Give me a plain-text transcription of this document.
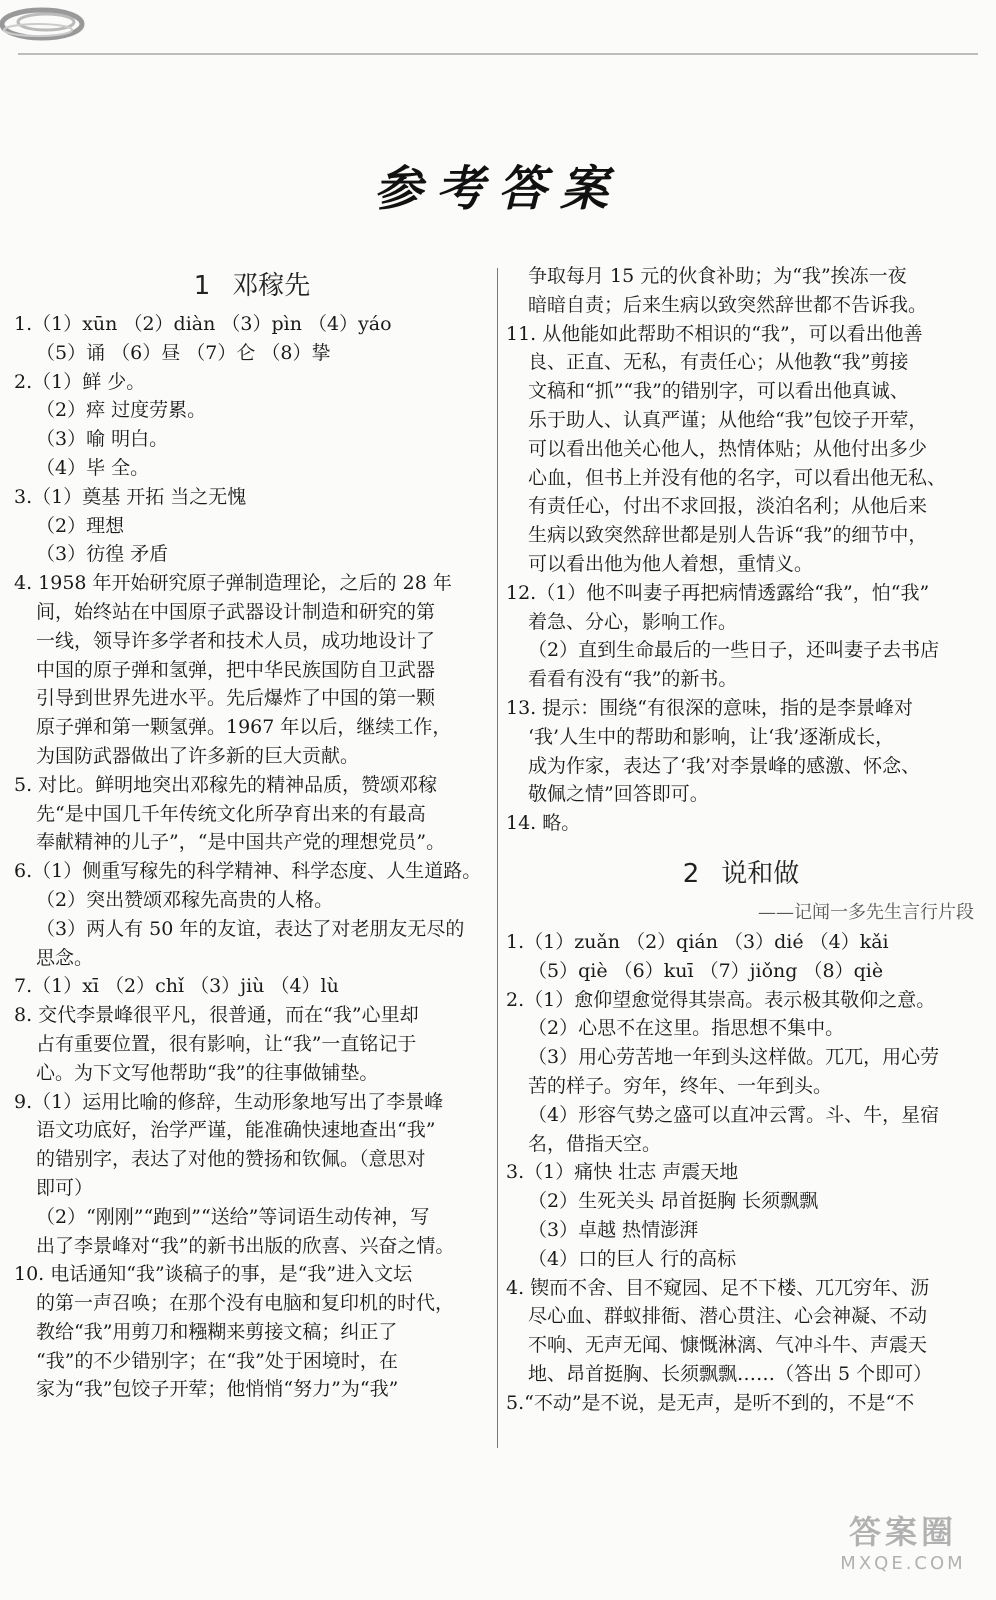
参考答案
1 邓稼先
1.（1）xūn （2）diàn （3）pìn （4）yáo
（5）诵 （6）昼 （7）仑 （8）挚
2.（1）鲜 少。
（2）瘁 过度劳累。
（3）喻 明白。
（4）毕 全。
3.（1）奠基 开拓 当之无愧
（2）理想
（3）彷徨 矛盾
4. 1958 年开始研究原子弹制造理论，之后的 28 年
间，始终站在中国原子武器设计制造和研究的第
一线，领导许多学者和技术人员，成功地设计了
中国的原子弹和氢弹，把中华民族国防自卫武器
引导到世界先进水平。先后爆炸了中国的第一颗
原子弹和第一颗氢弹。1967 年以后，继续工作，
为国防武器做出了许多新的巨大贡献。
5. 对比。鲜明地突出邓稼先的精神品质，赞颂邓稼
先“是中国几千年传统文化所孕育出来的有最高
奉献精神的儿子”，“是中国共产党的理想党员”。
6.（1）侧重写稼先的科学精神、科学态度、人生道路。
（2）突出赞颂邓稼先高贵的人格。
（3）两人有 50 年的友谊，表达了对老朋友无尽的
思念。
7.（1）xī （2）chǐ （3）jiù （4）lù
8. 交代李景峰很平凡，很普通，而在“我”心里却
占有重要位置，很有影响，让“我”一直铭记于
心。为下文写他帮助“我”的往事做铺垫。
9.（1）运用比喻的修辞，生动形象地写出了李景峰
语文功底好，治学严谨，能准确快速地查出“我”
的错别字，表达了对他的赞扬和钦佩。（意思对
即可）
（2）“刚刚”“跑到”“送给”等词语生动传神，写
出了李景峰对“我”的新书出版的欣喜、兴奋之情。
10. 电话通知“我”谈稿子的事，是“我”进入文坛
的第一声召唤；在那个没有电脑和复印机的时代，
教给“我”用剪刀和糨糊来剪接文稿；纠正了
“我”的不少错别字；在“我”处于困境时，在
家为“我”包饺子开荤；他悄悄“努力”为“我”
争取每月 15 元的伙食补助；为“我”挨冻一夜
暗暗自责；后来生病以致突然辞世都不告诉我。
11. 从他能如此帮助不相识的“我”，可以看出他善
良、正直、无私，有责任心；从他教“我”剪接
文稿和“抓”“我”的错别字，可以看出他真诚、
乐于助人、认真严谨；从他给“我”包饺子开荤，
可以看出他关心他人，热情体贴；从他付出多少
心血，但书上并没有他的名字，可以看出他无私、
有责任心，付出不求回报，淡泊名利；从他后来
生病以致突然辞世都是别人告诉“我”的细节中，
可以看出他为他人着想，重情义。
12.（1）他不叫妻子再把病情透露给“我”，怕“我”
着急、分心，影响工作。
（2）直到生命最后的一些日子，还叫妻子去书店
看看有没有“我”的新书。
13. 提示：围绕“有很深的意味，指的是李景峰对
‘我’人生中的帮助和影响，让‘我’逐渐成长，
成为作家，表达了‘我’对李景峰的感激、怀念、
敬佩之情”回答即可。
14. 略。
2 说和做
——记闻一多先生言行片段
1.（1）zuǎn （2）qián （3）dié （4）kǎi
（5）qiè （6）kuī （7）jiǒng （8）qiè
2.（1）愈仰望愈觉得其崇高。表示极其敬仰之意。
（2）心思不在这里。指思想不集中。
（3）用心劳苦地一年到头这样做。兀兀，用心劳
苦的样子。穷年，终年、一年到头。
（4）形容气势之盛可以直冲云霄。斗、牛，星宿
名，借指天空。
3.（1）痛快 壮志 声震天地
（2）生死关头 昂首挺胸 长须飘飘
（3）卓越 热情澎湃
（4）口的巨人 行的高标
4. 锲而不舍、目不窥园、足不下楼、兀兀穷年、沥
尽心血、群蚁排衙、潜心贯注、心会神凝、不动
不响、无声无闻、慷慨淋漓、气冲斗牛、声震天
地、昂首挺胸、长须飘飘……（答出 5 个即可）
5.“不动”是不说，是无声，是听不到的，不是“不
答案圈
MXQE.COM
